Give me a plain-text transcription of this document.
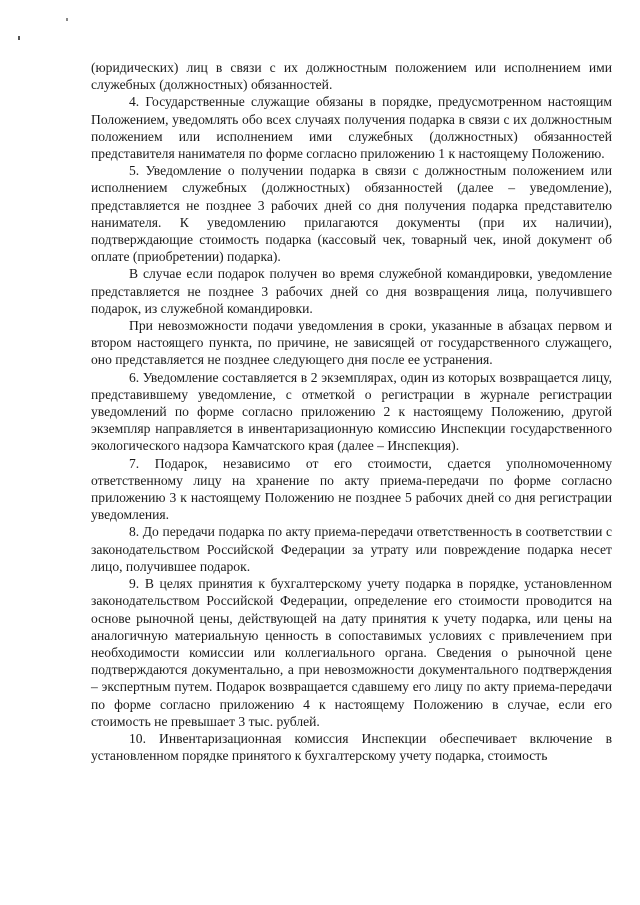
(юридических) лиц в связи с их должностным положением или исполнением ими служебных (должностных) обязанностей.

4. Государственные служащие обязаны в порядке, предусмотренном настоящим Положением, уведомлять обо всех случаях получения подарка в связи с их должностным положением или исполнением ими служебных (должностных) обязанностей представителя нанимателя по форме согласно приложению 1 к настоящему Положению.

5. Уведомление о получении подарка в связи с должностным положением или исполнением служебных (должностных) обязанностей (далее – уведомление), представляется не позднее 3 рабочих дней со дня получения подарка представителю нанимателя. К уведомлению прилагаются документы (при их наличии), подтверждающие стоимость подарка (кассовый чек, товарный чек, иной документ об оплате (приобретении) подарка).

В случае если подарок получен во время служебной командировки, уведомление представляется не позднее 3 рабочих дней со дня возвращения лица, получившего подарок, из служебной командировки.

При невозможности подачи уведомления в сроки, указанные в абзацах первом и втором настоящего пункта, по причине, не зависящей от государственного служащего, оно представляется не позднее следующего дня после ее устранения.

6. Уведомление составляется в 2 экземплярах, один из которых возвращается лицу, представившему уведомление, с отметкой о регистрации в журнале регистрации уведомлений по форме согласно приложению 2 к настоящему Положению, другой экземпляр направляется в инвентаризационную комиссию Инспекции государственного экологического надзора Камчатского края (далее – Инспекция).

7. Подарок, независимо от его стоимости, сдается уполномоченному ответственному лицу на хранение по акту приема-передачи по форме согласно приложению 3 к настоящему Положению не позднее 5 рабочих дней со дня регистрации уведомления.

8. До передачи подарка по акту приема-передачи ответственность в соответствии с законодательством Российской Федерации за утрату или повреждение подарка несет лицо, получившее подарок.

9. В целях принятия к бухгалтерскому учету подарка в порядке, установленном законодательством Российской Федерации, определение его стоимости проводится на основе рыночной цены, действующей на дату принятия к учету подарка, или цены на аналогичную материальную ценность в сопоставимых условиях с привлечением при необходимости комиссии или коллегиального органа. Сведения о рыночной цене подтверждаются документально, а при невозможности документального подтверждения – экспертным путем. Подарок возвращается сдавшему его лицу по акту приема-передачи по форме согласно приложению 4 к настоящему Положению в случае, если его стоимость не превышает 3 тыс. рублей.

10. Инвентаризационная комиссия Инспекции обеспечивает включение в установленном порядке принятого к бухгалтерскому учету подарка, стоимость
